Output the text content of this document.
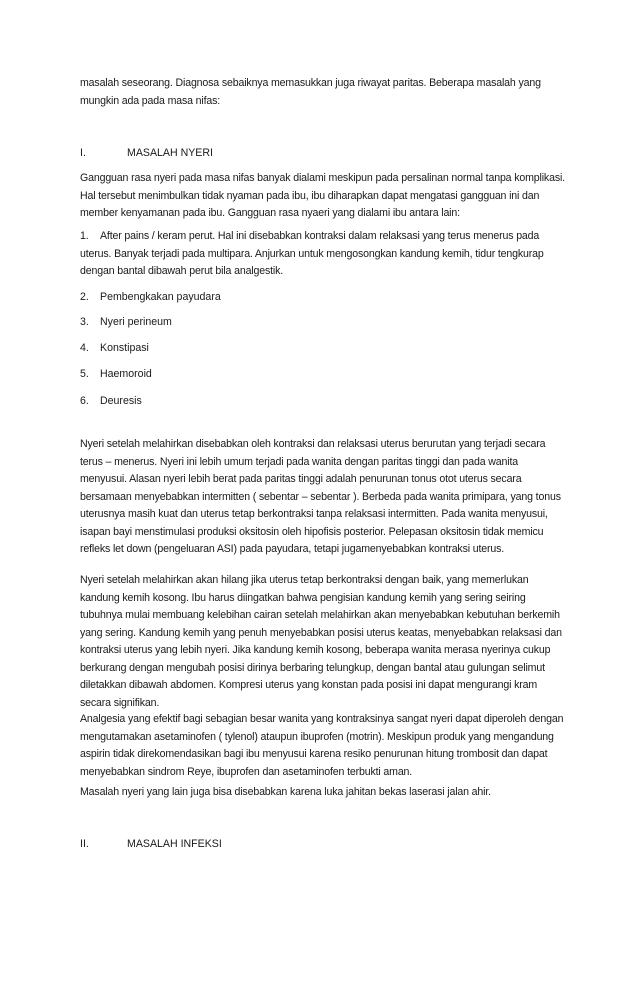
masalah seseorang. Diagnosa sebaiknya memasukkan juga riwayat paritas. Beberapa masalah yang mungkin ada pada masa nifas:

I.	MASALAH NYERI

Gangguan rasa nyeri pada masa nifas banyak dialami meskipun pada persalinan normal tanpa komplikasi. Hal tersebut menimbulkan tidak nyaman pada ibu, ibu diharapkan dapat mengatasi gangguan ini dan member kenyamanan pada ibu. Gangguan rasa nyaeri yang dialami ibu antara lain:

1. After pains / keram perut. Hal ini disebabkan kontraksi dalam relaksasi yang terus menerus pada uterus. Banyak terjadi pada multipara. Anjurkan untuk mengosongkan kandung kemih, tidur tengkurap dengan bantal dibawah perut bila analgestik.

2. Pembengkakan payudara

3. Nyeri perineum

4. Konstipasi

5. Haemoroid

6. Deuresis

Nyeri setelah melahirkan disebabkan oleh kontraksi dan relaksasi uterus berurutan yang terjadi secara terus – menerus. Nyeri ini lebih umum terjadi pada wanita dengan paritas tinggi dan pada wanita menyusui. Alasan nyeri lebih berat pada paritas tinggi adalah penurunan tonus otot uterus secara bersamaan menyebabkan intermitten ( sebentar – sebentar ). Berbeda pada wanita primipara, yang tonus uterusnya masih kuat dan uterus tetap berkontraksi tanpa relaksasi intermitten. Pada wanita menyusui, isapan bayi menstimulasi produksi oksitosin oleh hipofisis posterior. Pelepasan oksitosin tidak memicu refleks let down (pengeluaran ASI) pada payudara, tetapi jugamenyebabkan kontraksi uterus.

Nyeri setelah melahirkan akan hilang jika uterus tetap berkontraksi dengan baik, yang memerlukan kandung kemih kosong. Ibu harus diingatkan bahwa pengisian kandung kemih yang sering seiring tubuhnya mulai membuang kelebihan cairan setelah melahirkan akan menyebabkan kebutuhan berkemih yang sering. Kandung kemih yang penuh menyebabkan posisi uterus keatas, menyebabkan relaksasi dan kontraksi uterus yang lebih nyeri. Jika kandung kemih kosong, beberapa wanita merasa nyerinya cukup berkurang dengan mengubah posisi dirinya berbaring telungkup, dengan bantal atau gulungan selimut diletakkan dibawah abdomen. Kompresi uterus yang konstan pada posisi ini dapat mengurangi kram secara signifikan.

Analgesia yang efektif bagi sebagian besar wanita yang kontraksinya sangat nyeri dapat diperoleh dengan mengutamakan asetaminofen ( tylenol) ataupun ibuprofen (motrin). Meskipun produk yang mengandung aspirin tidak direkomendasikan bagi ibu menyusui karena resiko penurunan hitung trombosit dan dapat menyebabkan sindrom Reye, ibuprofen dan asetaminofen terbukti aman.

Masalah nyeri yang lain juga bisa disebabkan karena luka jahitan bekas laserasi jalan ahir.

II.	MASALAH INFEKSI
